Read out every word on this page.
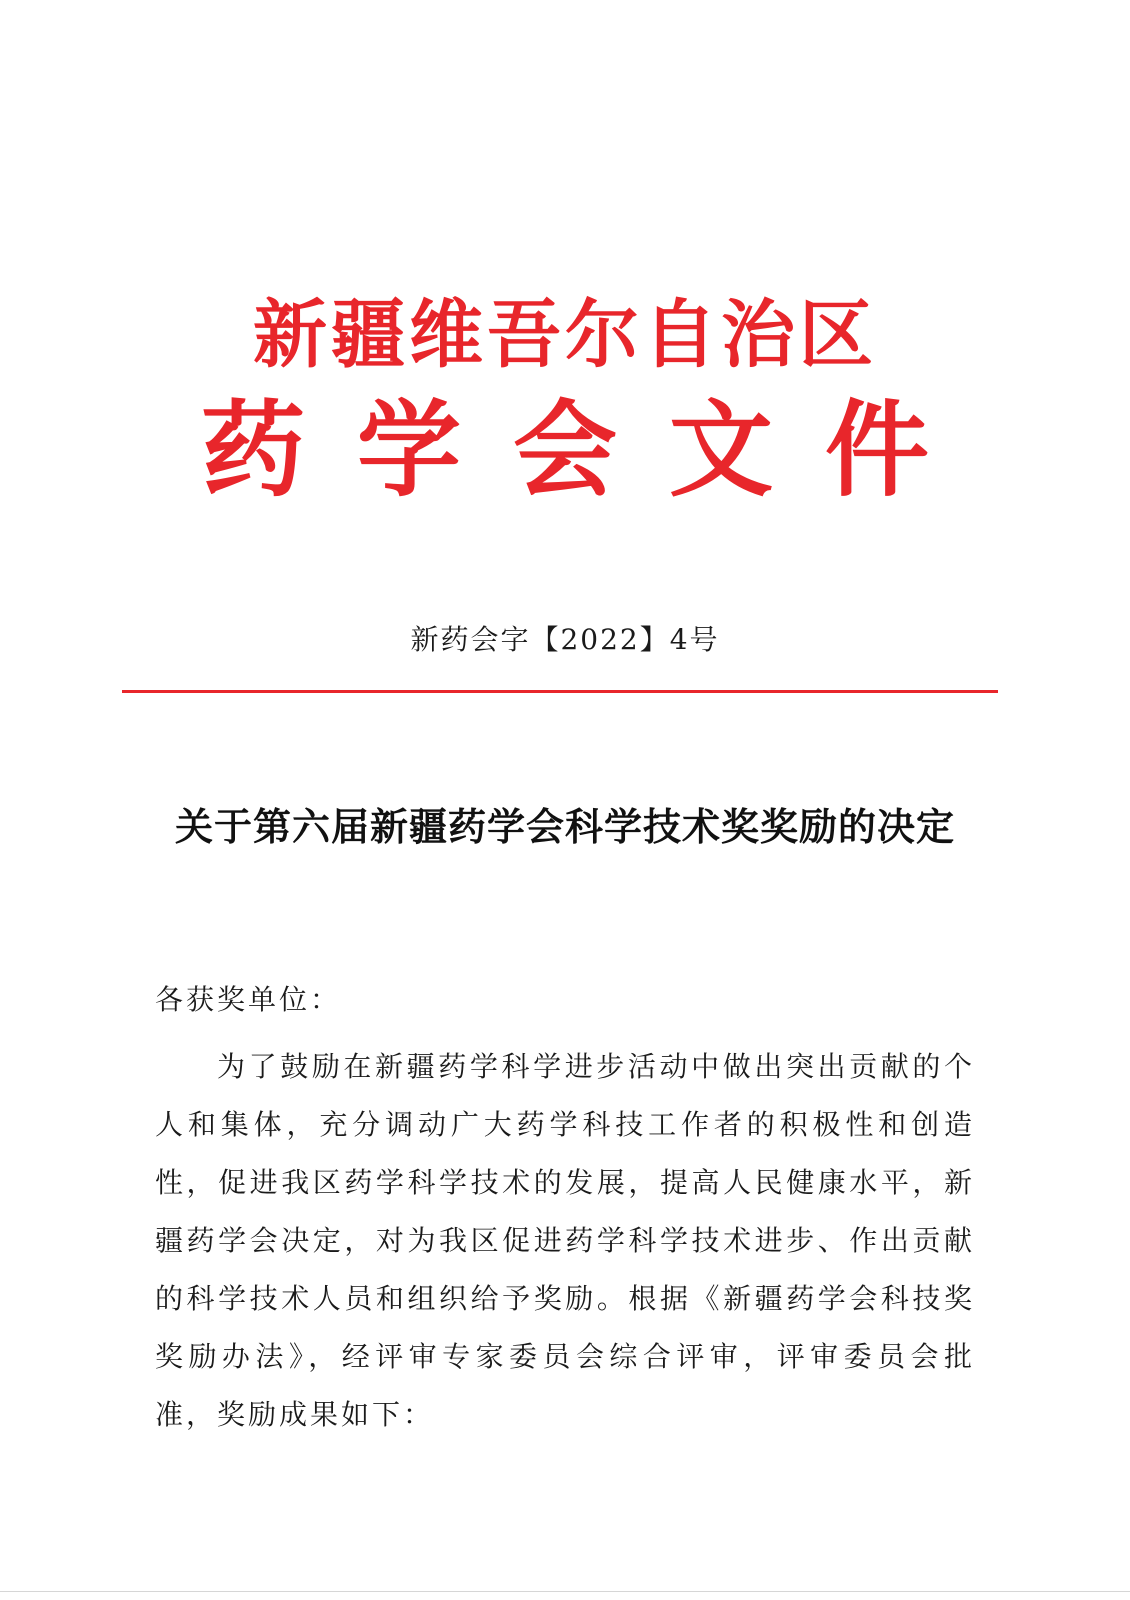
新疆维吾尔自治区
药学会文件
新药会字【2022】4号
关于第六届新疆药学会科学技术奖奖励的决定
各获奖单位：
为了鼓励在新疆药学科学进步活动中做出突出贡献的个人和集体，充分调动广大药学科技工作者的积极性和创造性，促进我区药学科学技术的发展，提高人民健康水平，新疆药学会决定，对为我区促进药学科学技术进步、作出贡献的科学技术人员和组织给予奖励。根据《新疆药学会科技奖奖励办法》，经评审专家委员会综合评审，评审委员会批准，奖励成果如下：
